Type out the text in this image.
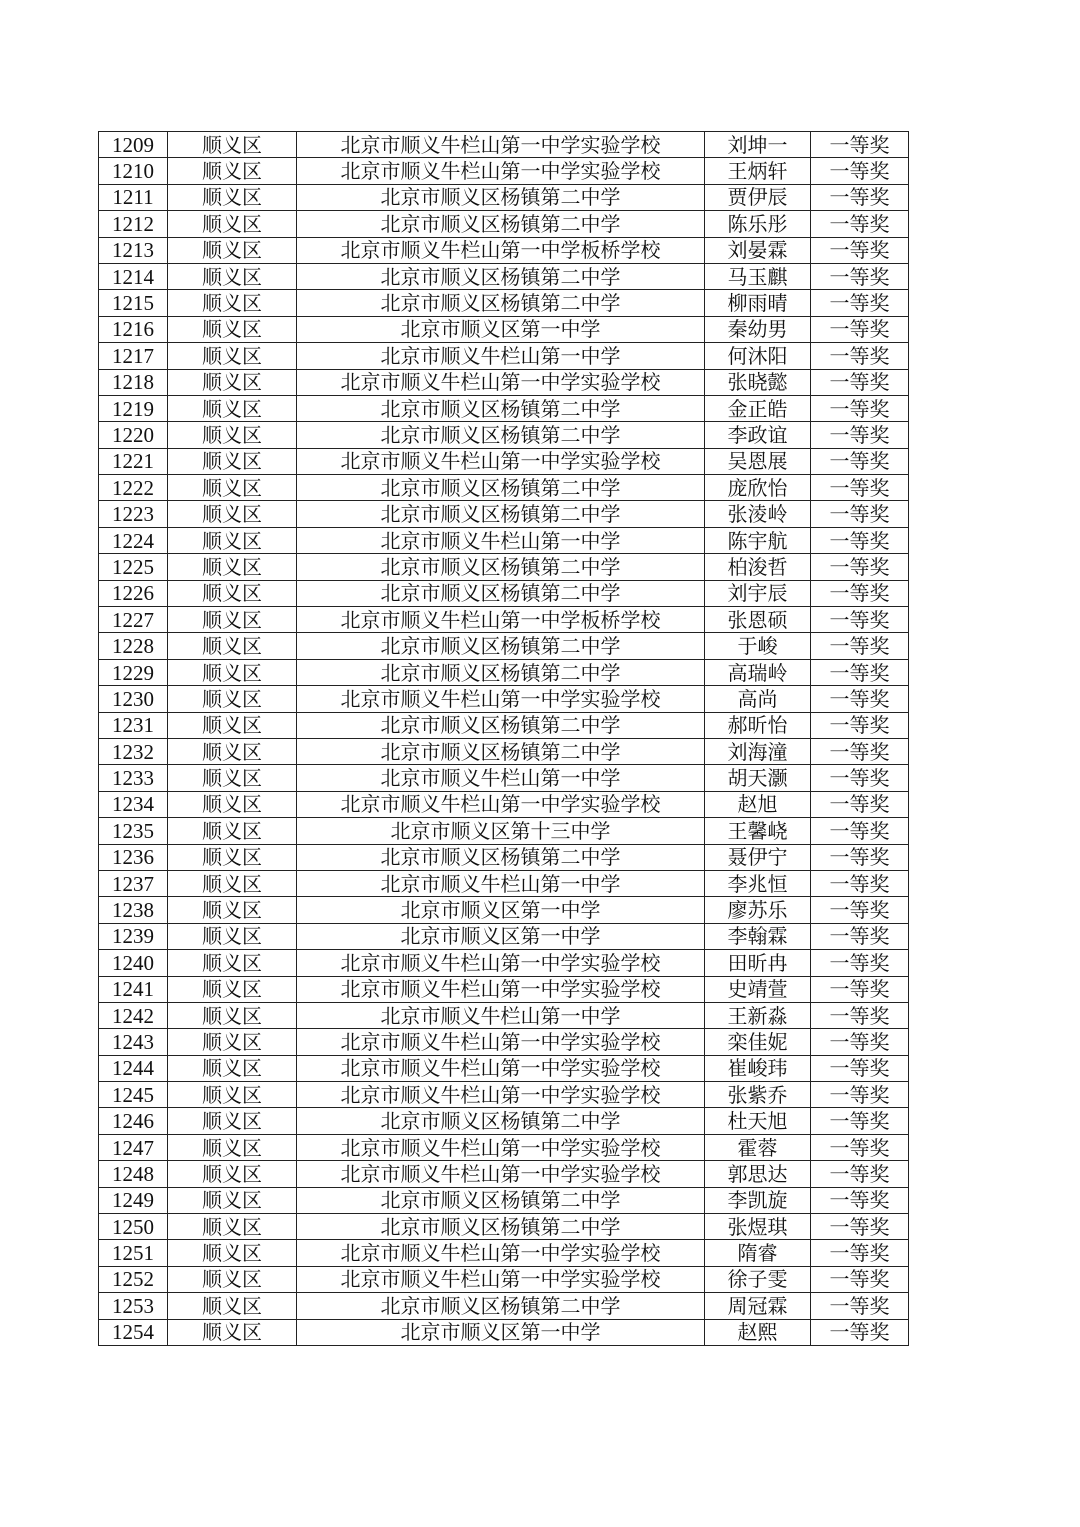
1209	顺义区	北京市顺义牛栏山第一中学实验学校	刘坤一	一等奖
1210	顺义区	北京市顺义牛栏山第一中学实验学校	王炳轩	一等奖
1211	顺义区	北京市顺义区杨镇第二中学	贾伊辰	一等奖
1212	顺义区	北京市顺义区杨镇第二中学	陈乐彤	一等奖
1213	顺义区	北京市顺义牛栏山第一中学板桥学校	刘晏霖	一等奖
1214	顺义区	北京市顺义区杨镇第二中学	马玉麒	一等奖
1215	顺义区	北京市顺义区杨镇第二中学	柳雨晴	一等奖
1216	顺义区	北京市顺义区第一中学	秦幼男	一等奖
1217	顺义区	北京市顺义牛栏山第一中学	何沐阳	一等奖
1218	顺义区	北京市顺义牛栏山第一中学实验学校	张晓懿	一等奖
1219	顺义区	北京市顺义区杨镇第二中学	金正皓	一等奖
1220	顺义区	北京市顺义区杨镇第二中学	李政谊	一等奖
1221	顺义区	北京市顺义牛栏山第一中学实验学校	吴恩展	一等奖
1222	顺义区	北京市顺义区杨镇第二中学	庞欣怡	一等奖
1223	顺义区	北京市顺义区杨镇第二中学	张淩岭	一等奖
1224	顺义区	北京市顺义牛栏山第一中学	陈宇航	一等奖
1225	顺义区	北京市顺义区杨镇第二中学	柏浚哲	一等奖
1226	顺义区	北京市顺义区杨镇第二中学	刘宇辰	一等奖
1227	顺义区	北京市顺义牛栏山第一中学板桥学校	张恩硕	一等奖
1228	顺义区	北京市顺义区杨镇第二中学	于峻	一等奖
1229	顺义区	北京市顺义区杨镇第二中学	高瑞岭	一等奖
1230	顺义区	北京市顺义牛栏山第一中学实验学校	高尚	一等奖
1231	顺义区	北京市顺义区杨镇第二中学	郝昕怡	一等奖
1232	顺义区	北京市顺义区杨镇第二中学	刘海潼	一等奖
1233	顺义区	北京市顺义牛栏山第一中学	胡天灏	一等奖
1234	顺义区	北京市顺义牛栏山第一中学实验学校	赵旭	一等奖
1235	顺义区	北京市顺义区第十三中学	王馨峣	一等奖
1236	顺义区	北京市顺义区杨镇第二中学	聂伊宁	一等奖
1237	顺义区	北京市顺义牛栏山第一中学	李兆恒	一等奖
1238	顺义区	北京市顺义区第一中学	廖苏乐	一等奖
1239	顺义区	北京市顺义区第一中学	李翰霖	一等奖
1240	顺义区	北京市顺义牛栏山第一中学实验学校	田昕冉	一等奖
1241	顺义区	北京市顺义牛栏山第一中学实验学校	史靖萱	一等奖
1242	顺义区	北京市顺义牛栏山第一中学	王新淼	一等奖
1243	顺义区	北京市顺义牛栏山第一中学实验学校	栾佳妮	一等奖
1244	顺义区	北京市顺义牛栏山第一中学实验学校	崔峻玮	一等奖
1245	顺义区	北京市顺义牛栏山第一中学实验学校	张紫乔	一等奖
1246	顺义区	北京市顺义区杨镇第二中学	杜天旭	一等奖
1247	顺义区	北京市顺义牛栏山第一中学实验学校	霍蓉	一等奖
1248	顺义区	北京市顺义牛栏山第一中学实验学校	郭思达	一等奖
1249	顺义区	北京市顺义区杨镇第二中学	李凯旋	一等奖
1250	顺义区	北京市顺义区杨镇第二中学	张煜琪	一等奖
1251	顺义区	北京市顺义牛栏山第一中学实验学校	隋睿	一等奖
1252	顺义区	北京市顺义牛栏山第一中学实验学校	徐子雯	一等奖
1253	顺义区	北京市顺义区杨镇第二中学	周冠霖	一等奖
1254	顺义区	北京市顺义区第一中学	赵熙	一等奖
